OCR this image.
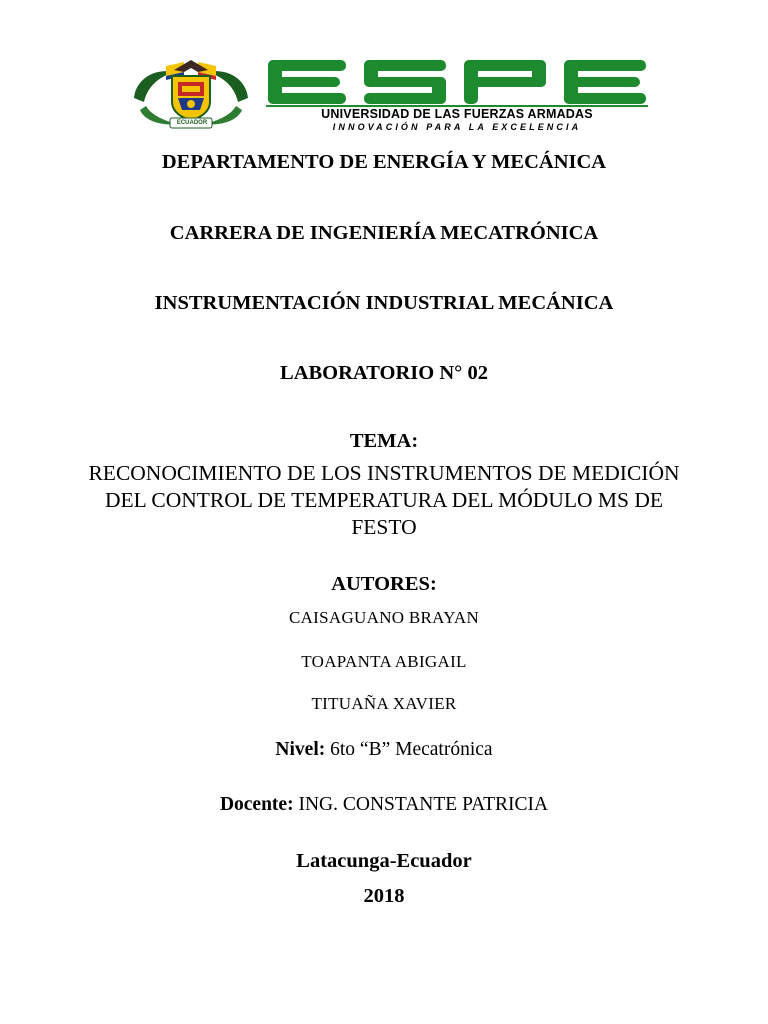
ECUADOR
UNIVERSIDAD DE LAS FUERZAS ARMADAS
INNOVACIÓN PARA LA EXCELENCIA
DEPARTAMENTO DE ENERGÍA Y MECÁNICA
CARRERA DE INGENIERÍA MECATRÓNICA
INSTRUMENTACIÓN INDUSTRIAL MECÁNICA
LABORATORIO N° 02
TEMA:
RECONOCIMIENTO DE LOS INSTRUMENTOS DE MEDICIÓN DEL CONTROL DE TEMPERATURA DEL MÓDULO MS DE FESTO
AUTORES:
CAISAGUANO BRAYAN
TOAPANTA ABIGAIL
TITUAÑA XAVIER
Nivel: 6to “B” Mecatrónica
Docente: ING. CONSTANTE PATRICIA
Latacunga-Ecuador
2018
